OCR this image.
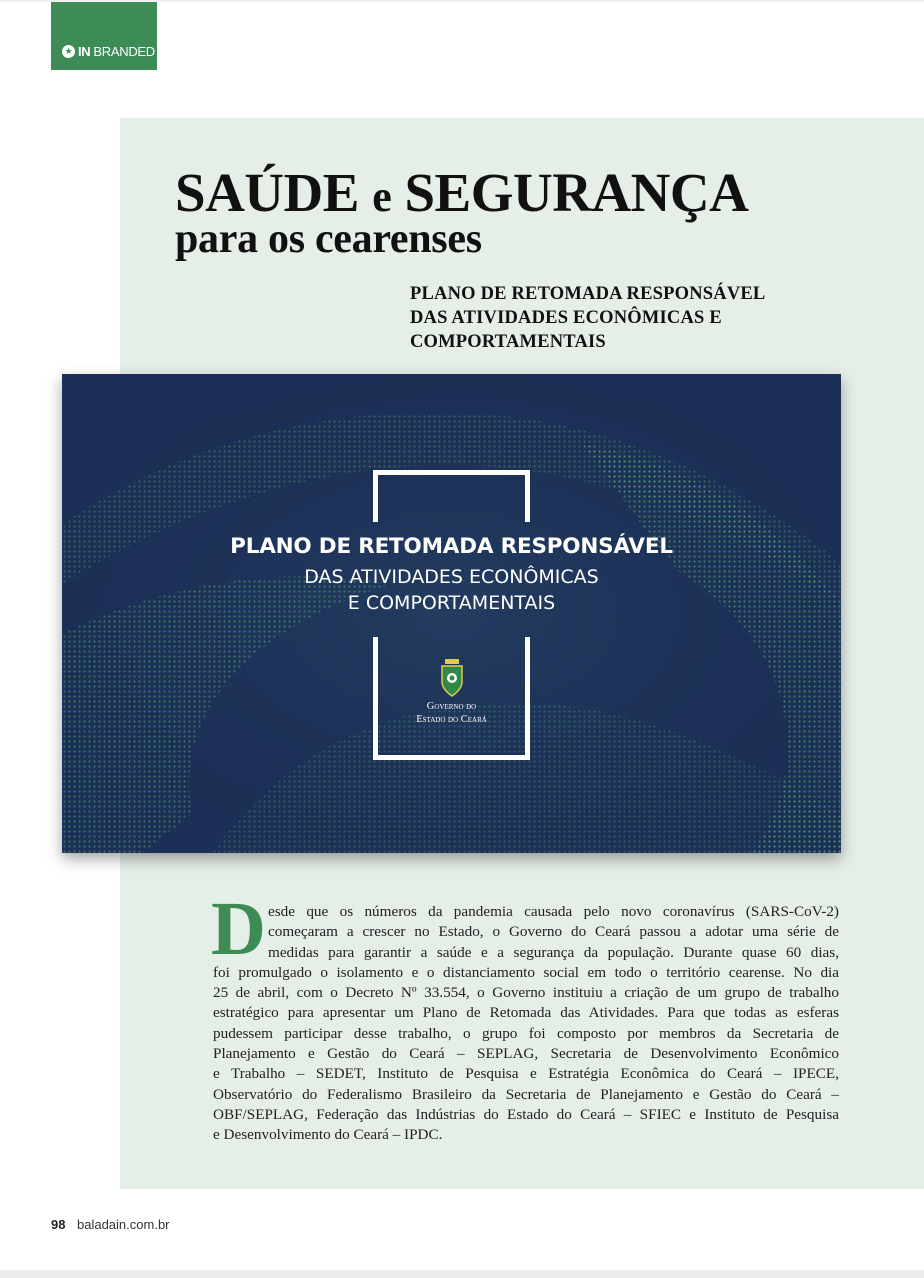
★
IN BRANDED
SAÚDE e SEGURANÇA
para os cearenses
PLANO DE RETOMADA RESPONSÁVEL
DAS ATIVIDADES ECONÔMICAS E
COMPORTAMENTAIS
PLANO DE RETOMADA RESPONSÁVEL
DAS ATIVIDADES ECONÔMICAS
E COMPORTAMENTAIS
Governo do
Estado do Ceará
D esde que os números da pandemia causada pelo novo coronavírus (SARS-CoV-2)
começaram a crescer no Estado, o Governo do Ceará passou a adotar uma série de
medidas para garantir a saúde e a segurança da população. Durante quase 60 dias,
foi promulgado o isolamento e o distanciamento social em todo o território cearense. No dia
25 de abril, com o Decreto Nº 33.554, o Governo instituiu a criação de um grupo de trabalho
estratégico para apresentar um Plano de Retomada das Atividades. Para que todas as esferas
pudessem participar desse trabalho, o grupo foi composto por membros da Secretaria de
Planejamento e Gestão do Ceará – SEPLAG, Secretaria de Desenvolvimento Econômico
e Trabalho – SEDET, Instituto de Pesquisa e Estratégia Econômica do Ceará – IPECE,
Observatório do Federalismo Brasileiro da Secretaria de Planejamento e Gestão do Ceará –
OBF/SEPLAG, Federação das Indústrias do Estado do Ceará – SFIEC e Instituto de Pesquisa
e Desenvolvimento do Ceará – IPDC.
98 baladain.com.br
